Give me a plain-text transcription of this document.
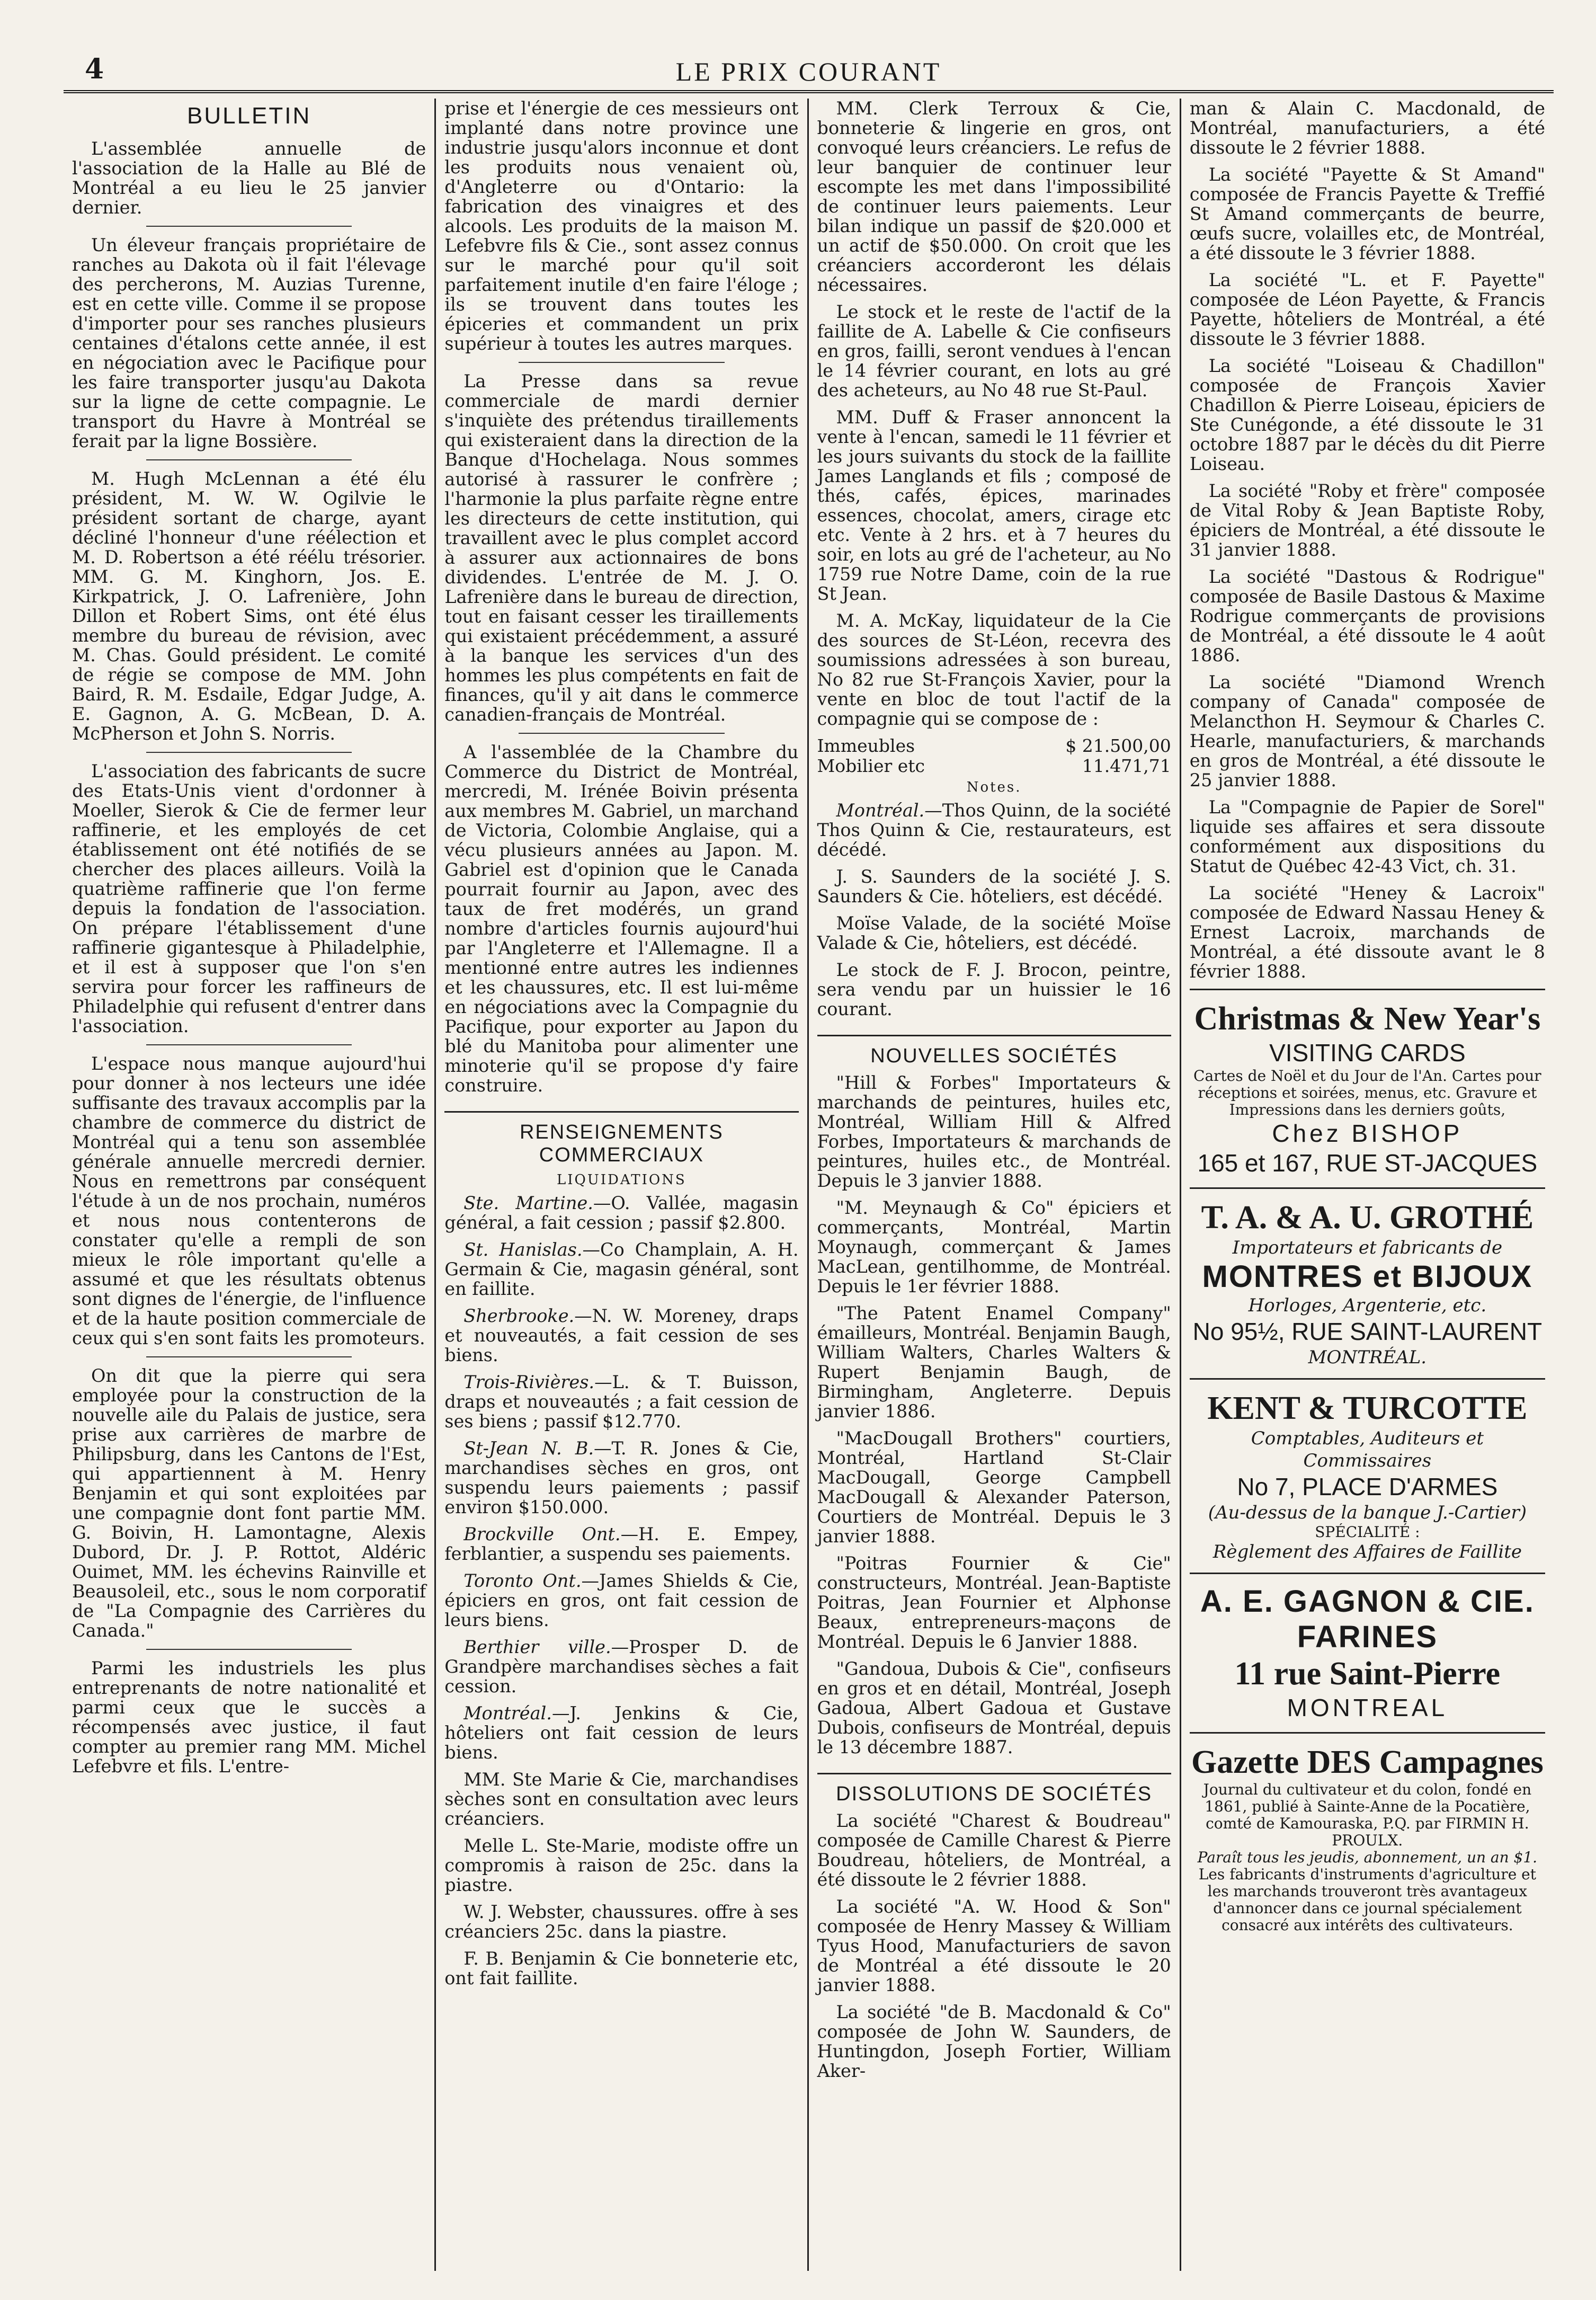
4	LE PRIX COURANT
BULLETIN

L'assemblée annuelle de l'association de la Halle au Blé de Montréal a eu lieu le 25 janvier dernier.

Un éleveur français propriétaire de ranches au Dakota où il fait l'élevage des percherons, M. Auzias Turenne, est en cette ville. Comme il se propose d'importer pour ses ranches plusieurs centaines d'étalons cette année, il est en négociation avec le Pacifique pour les faire transporter jusqu'au Dakota sur la ligne de cette compagnie. Le transport du Havre à Montréal se ferait par la ligne Bossière.

M. Hugh McLennan a été élu président, M. W. W. Ogilvie le président sortant de charge, ayant décliné l'honneur d'une réélection et M. D. Robertson a été réélu trésorier. MM. G. M. Kinghorn, Jos. E. Kirkpatrick, J. O. Lafrenière, John Dillon et Robert Sims, ont été élus membre du bureau de révision, avec M. Chas. Gould président. Le comité de régie se compose de MM. John Baird, R. M. Esdaile, Edgar Judge, A. E. Gagnon, A. G. McBean, D. A. McPherson et John S. Norris.

L'association des fabricants de sucre des Etats-Unis vient d'ordonner à Moeller, Sierok & Cie de fermer leur raffinerie, et les employés de cet établissement ont été notifiés de se chercher des places ailleurs. Voilà la quatrième raffinerie que l'on ferme depuis la fondation de l'association. On prépare l'établissement d'une raffinerie gigantesque à Philadelphie, et il est à supposer que l'on s'en servira pour forcer les raffineurs de Philadelphie qui refusent d'entrer dans l'association.

L'espace nous manque aujourd'hui pour donner à nos lecteurs une idée suffisante des travaux accomplis par la chambre de commerce du district de Montréal qui a tenu son assemblée générale annuelle mercredi dernier. Nous en remettrons par conséquent l'étude à un de nos prochain, numéros et nous nous contenterons de constater qu'elle a rempli de son mieux le rôle important qu'elle a assumé et que les résultats obtenus sont dignes de l'énergie, de l'influence et de la haute position commerciale de ceux qui s'en sont faits les promoteurs.

On dit que la pierre qui sera employée pour la construction de la nouvelle aile du Palais de justice, sera prise aux carrières de marbre de Philipsburg, dans les Cantons de l'Est, qui appartiennent à M. Henry Benjamin et qui sont exploitées par une compagnie dont font partie MM. G. Boivin, H. Lamontagne, Alexis Dubord, Dr. J. P. Rottot, Aldéric Ouimet, MM. les échevins Rainville et Beausoleil, etc., sous le nom corporatif de "La Compagnie des Carrières du Canada."

Parmi les industriels les plus entreprenants de notre nationalité et parmi ceux que le succès a récompensés avec justice, il faut compter au premier rang MM. Michel Lefebvre et fils. L'entre-

prise et l'énergie de ces messieurs ont implanté dans notre province une industrie jusqu'alors inconnue et dont les produits nous venaient où, d'Angleterre ou d'Ontario: la fabrication des vinaigres et des alcools. Les produits de la maison M. Lefebvre fils & Cie., sont assez connus sur le marché pour qu'il soit parfaitement inutile d'en faire l'éloge ; ils se trouvent dans toutes les épiceries et commandent un prix supérieur à toutes les autres marques.

La Presse dans sa revue commerciale de mardi dernier s'inquiète des prétendus tiraillements qui existeraient dans la direction de la Banque d'Hochelaga. Nous sommes autorisé à rassurer le confrère ; l'harmonie la plus parfaite règne entre les directeurs de cette institution, qui travaillent avec le plus complet accord à assurer aux actionnaires de bons dividendes. L'entrée de M. J. O. Lafrenière dans le bureau de direction, tout en faisant cesser les tiraillements qui existaient précédemment, a assuré à la banque les services d'un des hommes les plus compétents en fait de finances, qu'il y ait dans le commerce canadien-français de Montréal.

A l'assemblée de la Chambre du Commerce du District de Montréal, mercredi, M. Irénée Boivin présenta aux membres M. Gabriel, un marchand de Victoria, Colombie Anglaise, qui a vécu plusieurs années au Japon. M. Gabriel est d'opinion que le Canada pourrait fournir au Japon, avec des taux de fret modérés, un grand nombre d'articles fournis aujourd'hui par l'Angleterre et l'Allemagne. Il a mentionné entre autres les indiennes et les chaussures, etc. Il est lui-même en négociations avec la Compagnie du Pacifique, pour exporter au Japon du blé du Manitoba pour alimenter une minoterie qu'il se propose d'y faire construire.

RENSEIGNEMENTS COMMERCIAUX
LIQUIDATIONS

Ste. Martine.—O. Vallée, magasin général, a fait cession ; passif $2.800.

St. Hanislas.—Co Champlain, A. H. Germain & Cie, magasin général, sont en faillite.

Sherbrooke.—N. W. Moreney, draps et nouveautés, a fait cession de ses biens.

Trois-Rivières.—L. & T. Buisson, draps et nouveautés ; a fait cession de ses biens ; passif $12.770.

St-Jean N. B.—T. R. Jones & Cie, marchandises sèches en gros, ont suspendu leurs paiements ; passif environ $150.000.

Brockville Ont.—H. E. Empey, ferblantier, a suspendu ses paiements.

Toronto Ont.—James Shields & Cie, épiciers en gros, ont fait cession de leurs biens.

Berthier ville.—Prosper D. de Grandpère marchandises sèches a fait cession.

Montréal.—J. Jenkins & Cie, hôteliers ont fait cession de leurs biens.

MM. Ste Marie & Cie, marchandises sèches sont en consultation avec leurs créanciers.

Melle L. Ste-Marie, modiste offre un compromis à raison de 25c. dans la piastre.

W. J. Webster, chaussures. offre à ses créanciers 25c. dans la piastre.

F. B. Benjamin & Cie bonneterie etc, ont fait faillite.

MM. Clerk Terroux & Cie, bonneterie & lingerie en gros, ont convoqué leurs créanciers. Le refus de leur banquier de continuer leur escompte les met dans l'impossibilité de continuer leurs paiements. Leur bilan indique un passif de $20.000 et un actif de $50.000. On croit que les créanciers accorderont les délais nécessaires.

Le stock et le reste de l'actif de la faillite de A. Labelle & Cie confiseurs en gros, failli, seront vendues à l'encan le 14 février courant, en lots au gré des acheteurs, au No 48 rue St-Paul.

MM. Duff & Fraser annoncent la vente à l'encan, samedi le 11 février et les jours suivants du stock de la faillite James Langlands et fils ; composé de thés, cafés, épices, marinades essences, chocolat, amers, cirage etc etc. Vente à 2 hrs. et à 7 heures du soir, en lots au gré de l'acheteur, au No 1759 rue Notre Dame, coin de la rue St Jean.

M. A. McKay, liquidateur de la Cie des sources de St-Léon, recevra des soumissions adressées à son bureau, No 82 rue St-François Xavier, pour la vente en bloc de tout l'actif de la compagnie qui se compose de :

Immeubles	$ 21.500,00
Mobilier etc	11.471,71
Notes.

Montréal.—Thos Quinn, de la société Thos Quinn & Cie, restaurateurs, est décédé.

J. S. Saunders de la société J. S. Saunders & Cie. hôteliers, est décédé.

Moïse Valade, de la société Moïse Valade & Cie, hôteliers, est décédé.

Le stock de F. J. Brocon, peintre, sera vendu par un huissier le 16 courant.

NOUVELLES SOCIÉTÉS

"Hill & Forbes" Importateurs & marchands de peintures, huiles etc, Montréal, William Hill & Alfred Forbes, Importateurs & marchands de peintures, huiles etc., de Montréal. Depuis le 3 janvier 1888.

"M. Meynaugh & Co" épiciers et commerçants, Montréal, Martin Moynaugh, commerçant & James MacLean, gentilhomme, de Montréal. Depuis le 1er février 1888.

"The Patent Enamel Company" émailleurs, Montréal. Benjamin Baugh, William Walters, Charles Walters & Rupert Benjamin Baugh, de Birmingham, Angleterre. Depuis janvier 1886.

"MacDougall Brothers" courtiers, Montréal, Hartland St-Clair MacDougall, George Campbell MacDougall & Alexander Paterson, Courtiers de Montréal. Depuis le 3 janvier 1888.

"Poitras Fournier & Cie" constructeurs, Montréal. Jean-Baptiste Poitras, Jean Fournier et Alphonse Beaux, entrepreneurs-maçons de Montréal. Depuis le 6 Janvier 1888.

"Gandoua, Dubois & Cie", confiseurs en gros et en détail, Montréal, Joseph Gadoua, Albert Gadoua et Gustave Dubois, confiseurs de Montréal, depuis le 13 décembre 1887.

DISSOLUTIONS DE SOCIÉTÉS

La société "Charest & Boudreau" composée de Camille Charest & Pierre Boudreau, hôteliers, de Montréal, a été dissoute le 2 février 1888.

La société "A. W. Hood & Son" composée de Henry Massey & William Tyus Hood, Manufacturiers de savon de Montréal a été dissoute le 20 janvier 1888.

La société "de B. Macdonald & Co" composée de John W. Saunders, de Huntingdon, Joseph Fortier, William Aker-

man & Alain C. Macdonald, de Montréal, manufacturiers, a été dissoute le 2 février 1888.

La société "Payette & St Amand" composée de Francis Payette & Treffié St Amand commerçants de beurre, œufs sucre, volailles etc, de Montréal, a été dissoute le 3 février 1888.

La société "L. et F. Payette" composée de Léon Payette, & Francis Payette, hôteliers de Montréal, a été dissoute le 3 février 1888.

La société "Loiseau & Chadillon" composée de François Xavier Chadillon & Pierre Loiseau, épiciers de Ste Cunégonde, a été dissoute le 31 octobre 1887 par le décès du dit Pierre Loiseau.

La société "Roby et frère" composée de Vital Roby & Jean Baptiste Roby, épiciers de Montréal, a été dissoute le 31 janvier 1888.

La société "Dastous & Rodrigue" composée de Basile Dastous & Maxime Rodrigue commerçants de provisions de Montréal, a été dissoute le 4 août 1886.

La société "Diamond Wrench company of Canada" composée de Melancthon H. Seymour & Charles C. Hearle, manufacturiers, & marchands en gros de Montréal, a été dissoute le 25 janvier 1888.

La "Compagnie de Papier de Sorel" liquide ses affaires et sera dissoute conformément aux dispositions du Statut de Québec 42-43 Vict, ch. 31.

La société "Heney & Lacroix" composée de Edward Nassau Heney & Ernest Lacroix, marchands de Montréal, a été dissoute avant le 8 février 1888.

Christmas & New Year's
VISITING CARDS
Cartes de Noël et du Jour de l'An. Cartes pour réceptions et soirées, menus, etc. Gravure et Impressions dans les derniers goûts,
Chez BISHOP
165 et 167, RUE ST-JACQUES
T. A. & A. U. GROTHÉ
Importateurs et fabricants de
MONTRES et BIJOUX
Horloges, Argenterie, etc.
No 95½, RUE SAINT-LAURENT
MONTRÉAL.
KENT & TURCOTTE
Comptables, Auditeurs et Commissaires
No 7, PLACE D'ARMES
(Au-dessus de la banque J.-Cartier)
SPÉCIALITÉ :
Règlement des Affaires de Faillite
A. E. GAGNON & CIE.
FARINES
11 rue Saint-Pierre
MONTREAL
Gazette DES Campagnes
Journal du cultivateur et du colon, fondé en 1861, publié à Sainte-Anne de la Pocatière, comté de Kamouraska, P.Q. par FIRMIN H. PROULX.
Paraît tous les jeudis, abonnement, un an $1.
Les fabricants d'instruments d'agriculture et les marchands trouveront très avantageux d'annoncer dans ce journal spécialement consacré aux intérêts des cultivateurs.
